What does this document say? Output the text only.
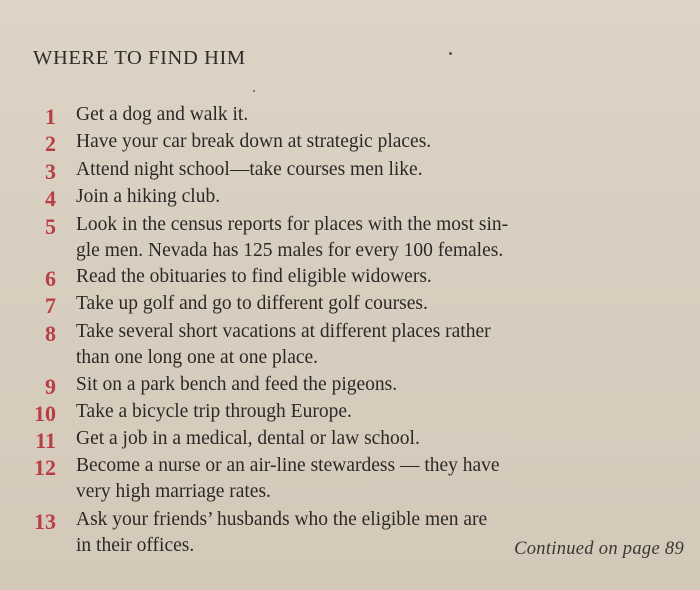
WHERE TO FIND HIM
1 Get a dog and walk it.
2 Have your car break down at strategic places.
3 Attend night school—take courses men like.
4 Join a hiking club.
5 Look in the census reports for places with the most sin-
gle men. Nevada has 125 males for every 100 females.
6 Read the obituaries to find eligible widowers.
7 Take up golf and go to different golf courses.
8 Take several short vacations at different places rather
than one long one at one place.
9 Sit on a park bench and feed the pigeons.
10 Take a bicycle trip through Europe.
11 Get a job in a medical, dental or law school.
12 Become a nurse or an air-line stewardess — they have
very high marriage rates.
13 Ask your friends’ husbands who the eligible men are
in their offices.	Continued on page 89
